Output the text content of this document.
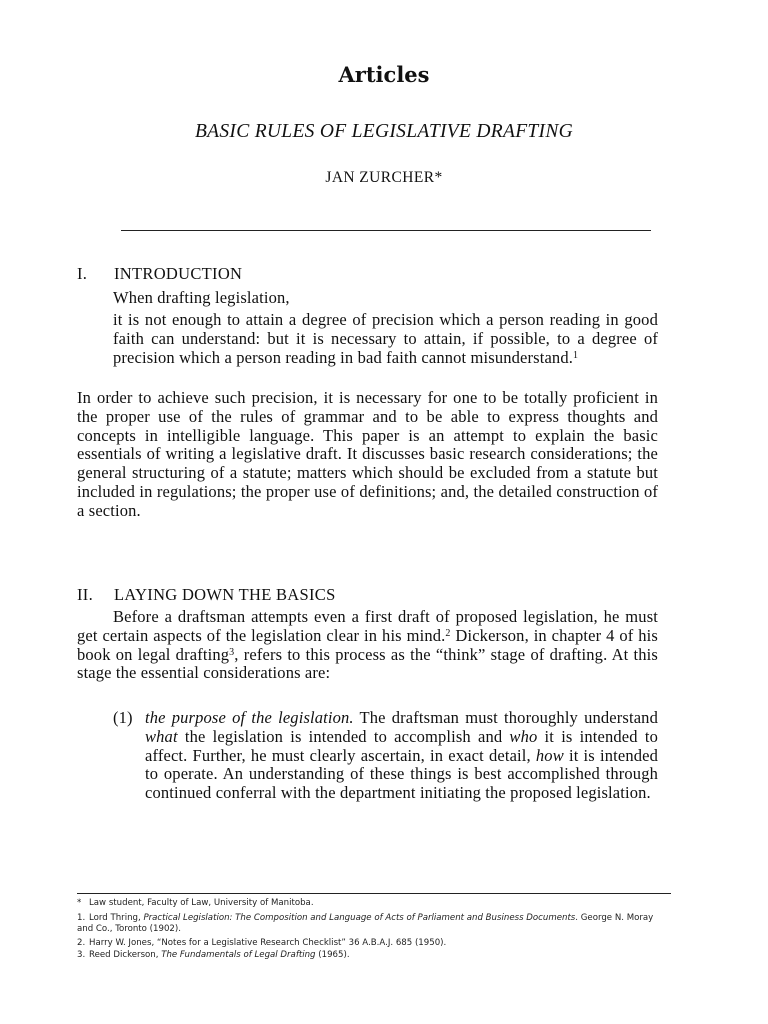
Articles
BASIC RULES OF LEGISLATIVE DRAFTING
JAN ZURCHER*
I. INTRODUCTION
When drafting legislation,
it is not enough to attain a degree of precision which a person reading in good faith can understand: but it is necessary to attain, if possible, to a degree of precision which a person reading in bad faith cannot misunderstand.$^1$
In order to achieve such precision, it is necessary for one to be totally proficient in the proper use of the rules of grammar and to be able to express thoughts and concepts in intelligible language. This paper is an attempt to explain the basic essentials of writing a legislative draft. It discusses basic research considerations; the general structuring of a statute; matters which should be excluded from a statute but included in regulations; the proper use of definitions; and, the detailed construction of a section.
II. LAYING DOWN THE BASICS
Before a draftsman attempts even a first draft of proposed legislation, he must get certain aspects of the legislation clear in his mind.$^2$ Dickerson, in chapter 4 of his book on legal drafting$^3$, refers to this process as the “think” stage of drafting. At this stage the essential considerations are:
(1) the purpose of the legislation. The draftsman must thoroughly understand what the legislation is intended to accomplish and who it is intended to affect. Further, he must clearly ascertain, in exact detail, how it is intended to operate. An understanding of these things is best accomplished through continued conferral with the department initiating the proposed legislation.
* Law student, Faculty of Law, University of Manitoba.
1. Lord Thring, Practical Legislation: The Composition and Language of Acts of Parliament and Business Documents. George N. Moray and Co., Toronto (1902).
2. Harry W. Jones, “Notes for a Legislative Research Checklist” 36 A.B.A.J. 685 (1950).
3. Reed Dickerson, The Fundamentals of Legal Drafting (1965).
